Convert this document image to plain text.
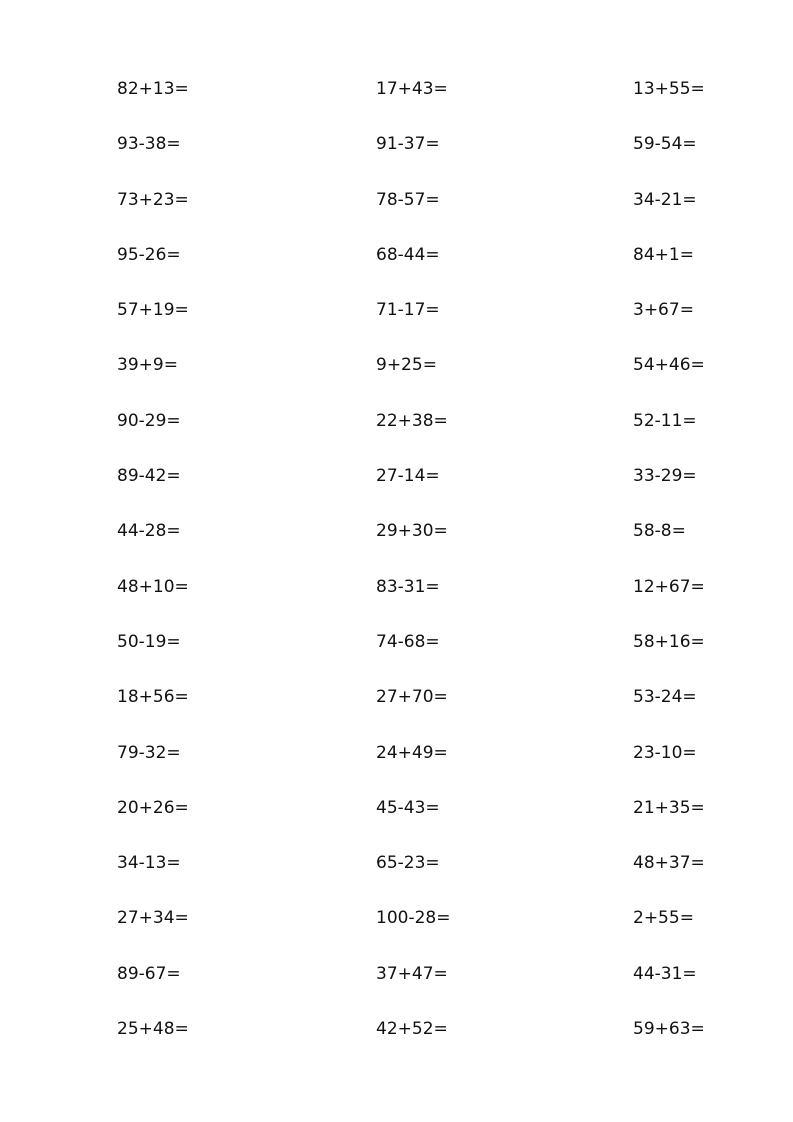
82+13=	17+43=	13+55=
93-38=	91-37=	59-54=
73+23=	78-57=	34-21=
95-26=	68-44=	84+1=
57+19=	71-17=	3+67=
39+9=	9+25=	54+46=
90-29=	22+38=	52-11=
89-42=	27-14=	33-29=
44-28=	29+30=	58-8=
48+10=	83-31=	12+67=
50-19=	74-68=	58+16=
18+56=	27+70=	53-24=
79-32=	24+49=	23-10=
20+26=	45-43=	21+35=
34-13=	65-23=	48+37=
27+34=	100-28=	2+55=
89-67=	37+47=	44-31=
25+48=	42+52=	59+63=
